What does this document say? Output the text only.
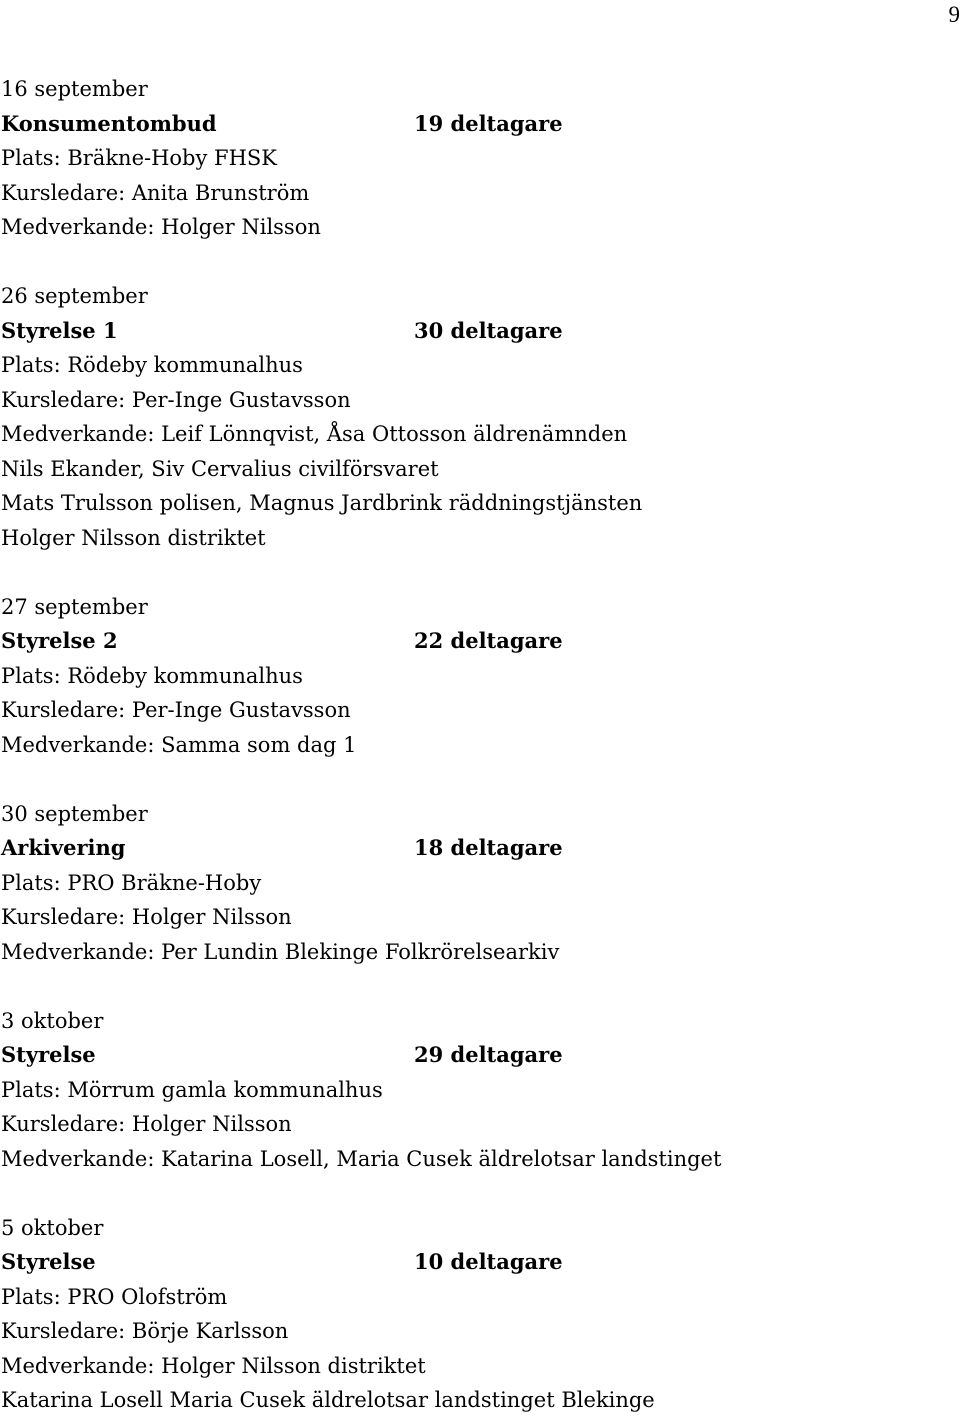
9
16 september
Konsumentombud	19 deltagare
Plats: Bräkne-Hoby FHSK
Kursledare: Anita Brunström
Medverkande: Holger Nilsson
26 september
Styrelse 1	30 deltagare
Plats: Rödeby kommunalhus
Kursledare: Per-Inge Gustavsson
Medverkande: Leif Lönnqvist, Åsa Ottosson äldrenämnden
Nils Ekander, Siv Cervalius civilförsvaret
Mats Trulsson polisen, Magnus Jardbrink räddningstjänsten
Holger Nilsson distriktet
27 september
Styrelse 2	22 deltagare
Plats: Rödeby kommunalhus
Kursledare: Per-Inge Gustavsson
Medverkande: Samma som dag 1
30 september
Arkivering	18 deltagare
Plats: PRO Bräkne-Hoby
Kursledare: Holger Nilsson
Medverkande: Per Lundin Blekinge Folkrörelsearkiv
3 oktober
Styrelse	29 deltagare
Plats: Mörrum gamla kommunalhus
Kursledare: Holger Nilsson
Medverkande: Katarina Losell, Maria Cusek äldrelotsar landstinget
5 oktober
Styrelse	10 deltagare
Plats: PRO Olofström
Kursledare: Börje Karlsson
Medverkande: Holger Nilsson distriktet
Katarina Losell Maria Cusek äldrelotsar landstinget Blekinge
